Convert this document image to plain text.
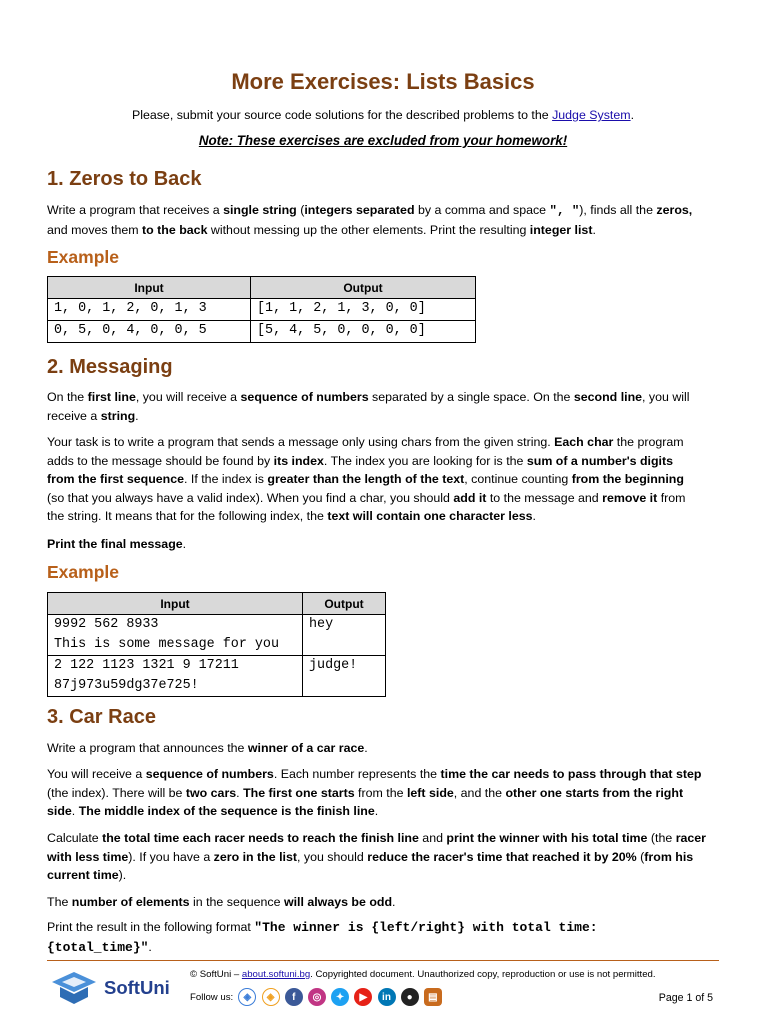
More Exercises: Lists Basics

Please, submit your source code solutions for the described problems to the Judge System.

Note: These exercises are excluded from your homework!

1. Zeros to Back

Write a program that receives a single string (integers separated by a comma and space ", "), finds all the zeros,
and moves them to the back without messing up the other elements. Print the resulting integer list.

Example
Input	Output
1, 0, 1, 2, 0, 1, 3	[1, 1, 2, 1, 3, 0, 0]
0, 5, 0, 4, 0, 0, 5	[5, 4, 5, 0, 0, 0, 0]
2. Messaging

On the first line, you will receive a sequence of numbers separated by a single space. On the second line, you will
receive a string.

Your task is to write a program that sends a message only using chars from the given string. Each char the program
adds to the message should be found by its index. The index you are looking for is the sum of a number's digits
from the first sequence. If the index is greater than the length of the text, continue counting from the beginning
(so that you always have a valid index). When you find a char, you should add it to the message and remove it from
the string. It means that for the following index, the text will contain one character less.

Print the final message.

Example
Input	Output
9992 562 8933
This is some message for you	hey
2 122 1123 1321 9 17211
87j973u59dg37e725!	judge!
3. Car Race

Write a program that announces the winner of a car race.

You will receive a sequence of numbers. Each number represents the time the car needs to pass through that step
(the index). There will be two cars. The first one starts from the left side, and the other one starts from the right
side. The middle index of the sequence is the finish line.

Calculate the total time each racer needs to reach the finish line and print the winner with his total time (the racer
with less time). If you have a zero in the list, you should reduce the racer's time that reached it by 20% (from his
current time).

The number of elements in the sequence will always be odd.

Print the result in the following format "The winner is {left/right} with total time:
{total_time}".

SoftUni
© SoftUni – about.softuni.bg. Copyrighted document. Unauthorized copy, reproduction or use is not permitted.
Follow us:	◈	◈	f	◎	✦	▶	in	●	▤	Page 1 of 5
